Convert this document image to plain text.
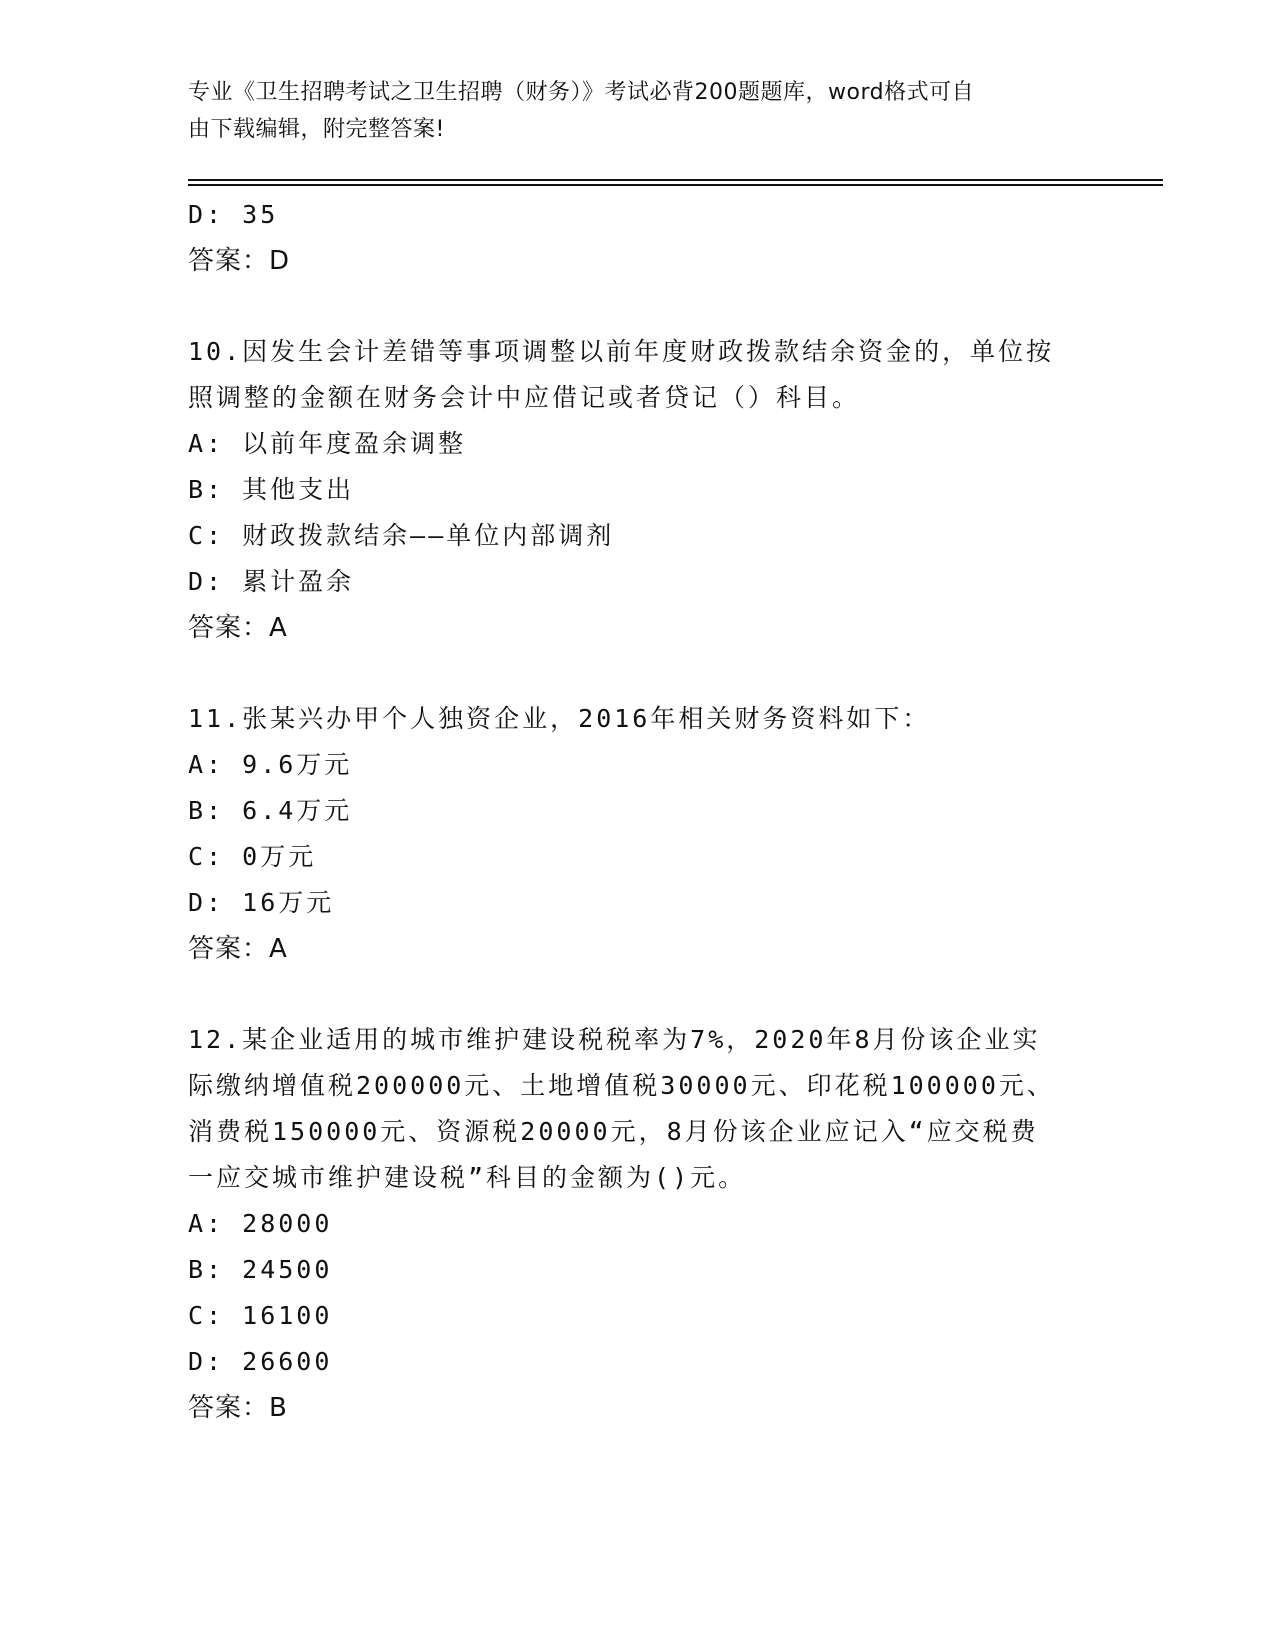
专业《卫生招聘考试之卫生招聘（财务）》考试必背200题题库，word格式可自
由下载编辑，附完整答案!
D: 35
答案：D
10.因发生会计差错等事项调整以前年度财政拨款结余资金的，单位按
照调整的金额在财务会计中应借记或者贷记（）科目。
A: 以前年度盈余调整
B: 其他支出
C: 财政拨款结余——单位内部调剂
D: 累计盈余
答案：A
11.张某兴办甲个人独资企业，2016年相关财务资料如下：
A: 9.6万元
B: 6.4万元
C: 0万元
D: 16万元
答案：A
12.某企业适用的城市维护建设税税率为7%，2020年8月份该企业实
际缴纳增值税200000元、土地增值税30000元、印花税100000元、
消费税150000元、资源税20000元，8月份该企业应记入“应交税费
一应交城市维护建设税”科目的金额为()元。
A: 28000
B: 24500
C: 16100
D: 26600
答案：B
